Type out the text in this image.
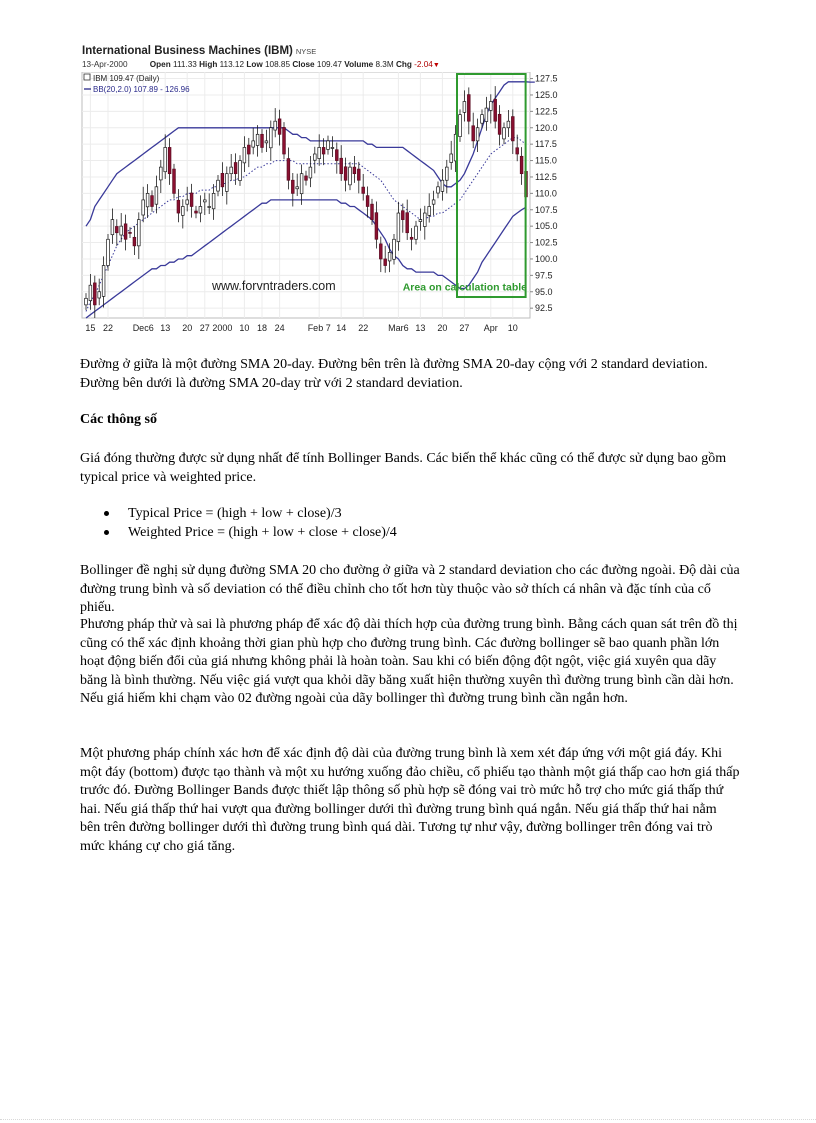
International Business Machines (IBM) NYSE
13-Apr-2000	Open 111.33 High 113.12 Low 108.85 Close 109.47 Volume 8.3M Chg -2.04▼
127.5
125.0
122.5
120.0
117.5
115.0
112.5
110.0
107.5
105.0
102.5
100.0
97.5
95.0
92.5
15 22 Dec6 13 20 27 2000 10 18 24	Feb 7 14 22 Mar6 13 20 27 Apr 10
Area on calculation table
www.forvntraders.com
IBM 109.47 (Daily)
BB(20,2.0) 107.89 - 126.96

Đường ở giữa là một đường SMA 20-day. Đường bên trên là đường SMA 20-day cộng với 2 standard deviation. Đường bên dưới là đường SMA 20-day trừ với 2 standard deviation.

Các thông số

Giá đóng thường được sử dụng nhất để tính Bollinger Bands. Các biến thể khác cũng có thể được sử dụng bao gồm typical price và weighted price.

Typical Price = (high + low + close)/3
Weighted Price = (high + low + close + close)/4

Bollinger đề nghị sử dụng đường SMA 20 cho đường ở giữa và 2 standard deviation cho các đường ngoài. Độ dài của đường trung bình và số deviation có thể điều chỉnh cho tốt hơn tùy thuộc vào sở thích cá nhân và đặc tính của cổ phiếu.

Phương pháp thử và sai là phương pháp để xác độ dài thích hợp của đường trung bình. Bằng cách quan sát trên đồ thị cũng có thể xác định khoảng thời gian phù hợp cho đường trung bình. Các đường bollinger sẽ bao quanh phần lớn hoạt động biến đổi của giá nhưng không phải là hoàn toàn. Sau khi có biến động đột ngột, việc giá xuyên qua dãy băng là bình thường. Nếu việc giá vượt qua khỏi dãy băng xuất hiện thường xuyên thì đường trung bình cần dài hơn. Nếu giá hiếm khi chạm vào 02 đường ngoài của dãy bollinger thì đường trung bình cần ngắn hơn.

Một phương pháp chính xác hơn để xác định độ dài của đường trung bình là xem xét đáp ứng với một giá đáy. Khi một đáy (bottom) được tạo thành và một xu hướng xuống đảo chiều, cổ phiếu tạo thành một giá thấp cao hơn giá thấp trước đó. Đường Bollinger Bands được thiết lập thông số phù hợp sẽ đóng vai trò mức hỗ trợ cho mức giá thấp thứ hai. Nếu giá thấp thứ hai vượt qua đường bollinger dưới thì đường trung bình quá ngắn. Nếu giá thấp thứ hai nằm bên trên đường bollinger dưới thì đường trung bình quá dài. Tương tự như vậy, đường bollinger trên đóng vai trò mức kháng cự cho giá tăng.
